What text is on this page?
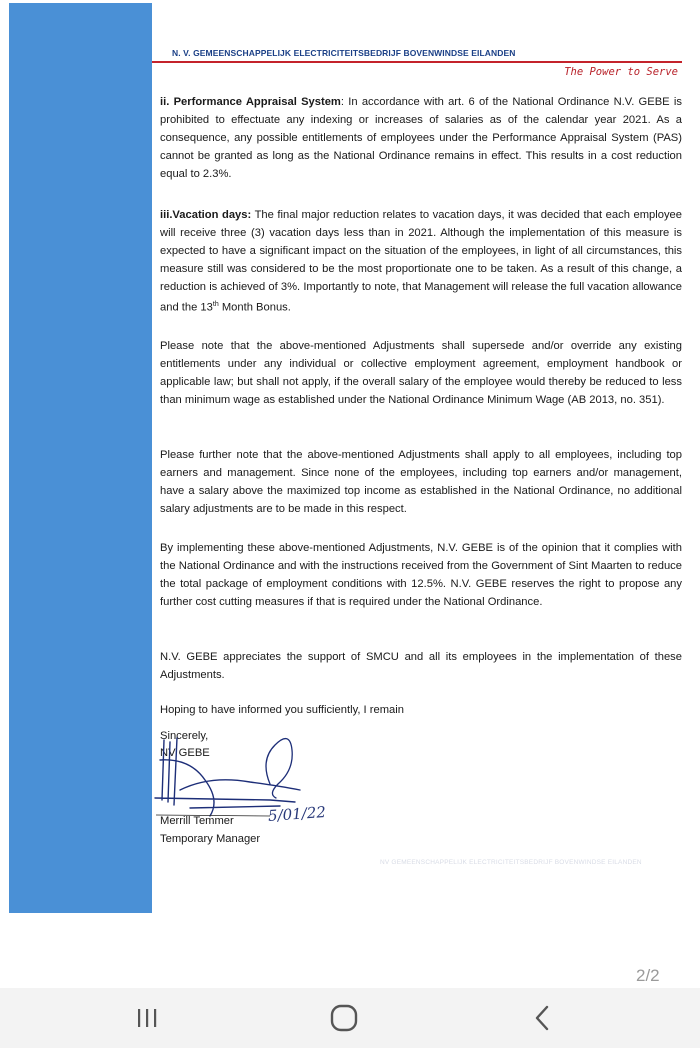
N. V. GEMEENSCHAPPELIJK ELECTRICITEITSBEDRIJF BOVENWINDSE EILANDEN
The Power to Serve

ii. Performance Appraisal System: In accordance with art. 6 of the National Ordinance N.V. GEBE is prohibited to effectuate any indexing or increases of salaries as of the calendar year 2021. As a consequence, any possible entitlements of employees under the Performance Appraisal System (PAS) cannot be granted as long as the National Ordinance remains in effect. This results in a cost reduction equal to 2.3%.

iii.Vacation days: The final major reduction relates to vacation days, it was decided that each employee will receive three (3) vacation days less than in 2021. Although the implementation of this measure is expected to have a significant impact on the situation of the employees, in light of all circumstances, this measure still was considered to be the most proportionate one to be taken. As a result of this change, a reduction is achieved of 3%. Importantly to note, that Management will release the full vacation allowance and the 13th Month Bonus.

Please note that the above-mentioned Adjustments shall supersede and/or override any existing entitlements under any individual or collective employment agreement, employment handbook or applicable law; but shall not apply, if the overall salary of the employee would thereby be reduced to less than minimum wage as established under the National Ordinance Minimum Wage (AB 2013, no. 351).

Please further note that the above-mentioned Adjustments shall apply to all employees, including top earners and management. Since none of the employees, including top earners and/or management, have a salary above the maximized top income as established in the National Ordinance, no additional salary adjustments are to be made in this respect.

By implementing these above-mentioned Adjustments, N.V. GEBE is of the opinion that it complies with the National Ordinance and with the instructions received from the Government of Sint Maarten to reduce the total package of employment conditions with 12.5%. N.V. GEBE reserves the right to propose any further cost cutting measures if that is required under the National Ordinance.

N.V. GEBE appreciates the support of SMCU and all its employees in the implementation of these Adjustments.

Hoping to have informed you sufficiently, I remain

Sincerely,
NV GEBE
5/01/22
Merrill Temmer
Temporary Manager
NV GEMEENSCHAPPELIJK ELECTRICITEITSBEDRIJF BOVENWINDSE EILANDEN
2/2
